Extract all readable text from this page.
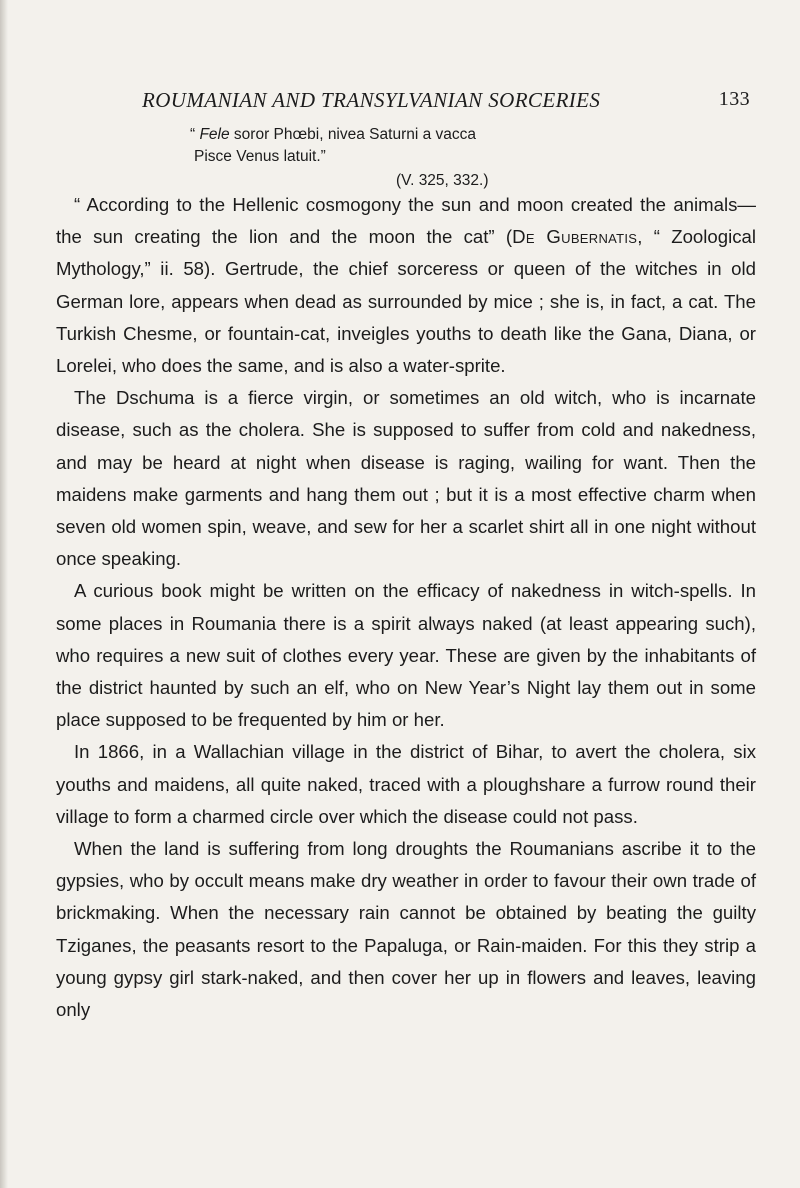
ROUMANIAN AND TRANSYLVANIAN SORCERIES	133
“ Fele soror Phœbi, nivea Saturni a vacca
Pisce Venus latuit.”
(V. 325, 332.)

“ According to the Hellenic cosmogony the sun and moon created the animals—the sun creating the lion and the moon the cat” (De Gubernatis, “ Zoological Mythology,” ii. 58). Gertrude, the chief sorceress or queen of the witches in old German lore, appears when dead as surrounded by mice ; she is, in fact, a cat. The Turkish Chesme, or fountain-cat, inveigles youths to death like the Gana, Diana, or Lorelei, who does the same, and is also a water-sprite.

The Dschuma is a fierce virgin, or sometimes an old witch, who is incarnate disease, such as the cholera. She is supposed to suffer from cold and nakedness, and may be heard at night when disease is raging, wailing for want. Then the maidens make garments and hang them out ; but it is a most effective charm when seven old women spin, weave, and sew for her a scarlet shirt all in one night without once speaking.

A curious book might be written on the efficacy of nakedness in witch-spells. In some places in Roumania there is a spirit always naked (at least appearing such), who requires a new suit of clothes every year. These are given by the inhabitants of the district haunted by such an elf, who on New Year’s Night lay them out in some place supposed to be frequented by him or her.

In 1866, in a Wallachian village in the district of Bihar, to avert the cholera, six youths and maidens, all quite naked, traced with a ploughshare a furrow round their village to form a charmed circle over which the disease could not pass.

When the land is suffering from long droughts the Roumanians ascribe it to the gypsies, who by occult means make dry weather in order to favour their own trade of brickmaking. When the necessary rain cannot be obtained by beating the guilty Tziganes, the peasants resort to the Papaluga, or Rain-maiden. For this they strip a young gypsy girl stark-naked, and then cover her up in flowers and leaves, leaving only
